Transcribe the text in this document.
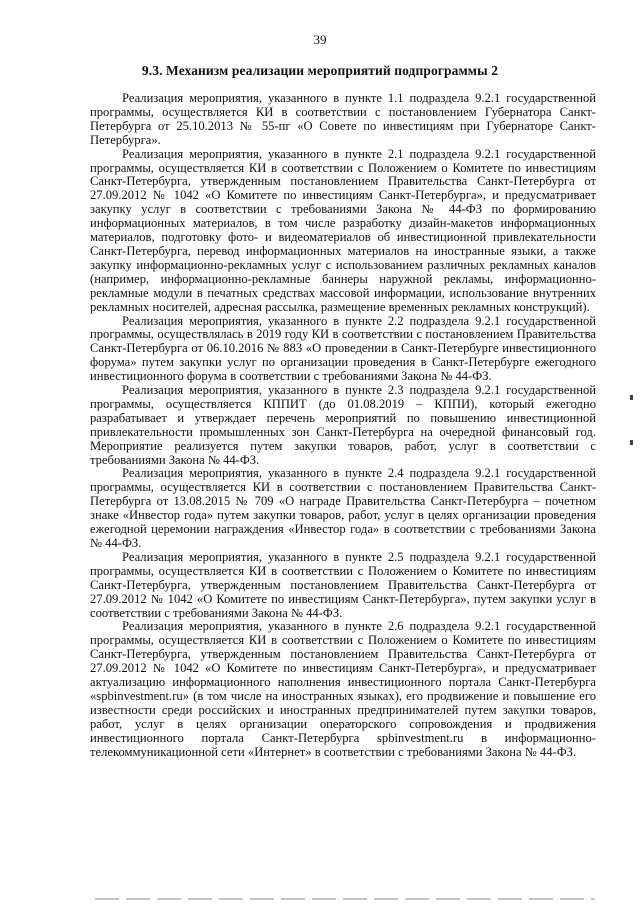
39
9.3. Механизм реализации мероприятий подпрограммы 2

Реализация мероприятия, указанного в пункте 1.1 подраздела 9.2.1 государственной программы, осуществляется КИ в соответствии с постановлением Губернатора Санкт-Петербурга от 25.10.2013 № 55-пг «О Совете по инвестициям при Губернаторе Санкт-Петербурга».

Реализация мероприятия, указанного в пункте 2.1 подраздела 9.2.1 государственной программы, осуществляется КИ в соответствии с Положением о Комитете по инвестициям Санкт-Петербурга, утвержденным постановлением Правительства Санкт-Петербурга от 27.09.2012 № 1042 «О Комитете по инвестициям Санкт-Петербурга», и предусматривает закупку услуг в соответствии с требованиями Закона № 44-ФЗ по формированию информационных материалов, в том числе разработку дизайн-макетов информационных материалов, подготовку фото- и видеоматериалов об инвестиционной привлекательности Санкт-Петербурга, перевод информационных материалов на иностранные языки, а также закупку информационно-рекламных услуг с использованием различных рекламных каналов (например, информационно-рекламные баннеры наружной рекламы, информационно-рекламные модули в печатных средствах массовой информации, использование внутренних рекламных носителей, адресная рассылка, размещение временных рекламных конструкций).

Реализация мероприятия, указанного в пункте 2.2 подраздела 9.2.1 государственной программы, осуществлялась в 2019 году КИ в соответствии с постановлением Правительства Санкт-Петербурга от 06.10.2016 № 883 «О проведении в Санкт-Петербурге инвестиционного форума» путем закупки услуг по организации проведения в Санкт-Петербурге ежегодного инвестиционного форума в соответствии с требованиями Закона № 44-ФЗ.

Реализация мероприятия, указанного в пункте 2.3 подраздела 9.2.1 государственной программы, осуществляется КППИТ (до 01.08.2019 – КППИ), который ежегодно разрабатывает и утверждает перечень мероприятий по повышению инвестиционной привлекательности промышленных зон Санкт-Петербурга на очередной финансовый год. Мероприятие реализуется путем закупки товаров, работ, услуг в соответствии с требованиями Закона № 44-ФЗ.

Реализация мероприятия, указанного в пункте 2.4 подраздела 9.2.1 государственной программы, осуществляется КИ в соответствии с постановлением Правительства Санкт-Петербурга от 13.08.2015 № 709 «О награде Правительства Санкт-Петербурга – почетном знаке «Инвестор года» путем закупки товаров, работ, услуг в целях организации проведения ежегодной церемонии награждения «Инвестор года» в соответствии с требованиями Закона № 44-ФЗ.

Реализация мероприятия, указанного в пункте 2.5 подраздела 9.2.1 государственной программы, осуществляется КИ в соответствии с Положением о Комитете по инвестициям Санкт-Петербурга, утвержденным постановлением Правительства Санкт-Петербурга от 27.09.2012 № 1042 «О Комитете по инвестициям Санкт-Петербурга», путем закупки услуг в соответствии с требованиями Закона № 44-ФЗ.

Реализация мероприятия, указанного в пункте 2.6 подраздела 9.2.1 государственной программы, осуществляется КИ в соответствии с Положением о Комитете по инвестициям Санкт-Петербурга, утвержденным постановлением Правительства Санкт-Петербурга от 27.09.2012 № 1042 «О Комитете по инвестициям Санкт-Петербурга», и предусматривает актуализацию информационного наполнения инвестиционного портала Санкт-Петербурга «spbinvestment.ru» (в том числе на иностранных языках), его продвижение и повышение его известности среди российских и иностранных предпринимателей путем закупки товаров, работ, услуг в целях организации операторского сопровождения и продвижения инвестиционного портала Санкт-Петербурга spbinvestment.ru в информационно-телекоммуникационной сети «Интернет» в соответствии с требованиями Закона № 44-ФЗ.
